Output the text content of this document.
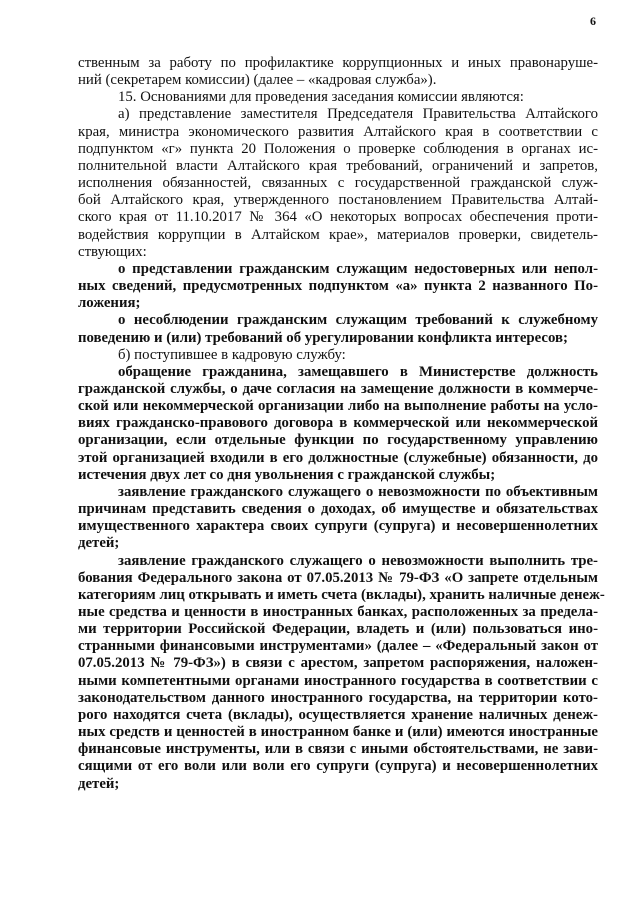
6
ственным за работу по профилактике коррупционных и иных правонаруше-
ний (секретарем комиссии) (далее – «кадровая служба»).
15. Основаниями для проведения заседания комиссии являются:
а) представление заместителя Председателя Правительства Алтайского
края, министра экономического развития Алтайского края в соответствии с
подпунктом «г» пункта 20 Положения о проверке соблюдения в органах ис-
полнительной власти Алтайского края требований, ограничений и запретов,
исполнения обязанностей, связанных с государственной гражданской служ-
бой Алтайского края, утвержденного постановлением Правительства Алтай-
ского края от 11.10.2017 № 364 «О некоторых вопросах обеспечения проти-
водействия коррупции в Алтайском крае», материалов проверки, свидетель-
ствующих:
о представлении гражданским служащим недостоверных или непол-
ных сведений, предусмотренных подпунктом «а» пункта 2 названного По-
ложения;
о несоблюдении гражданским служащим требований к служебному
поведению и (или) требований об урегулировании конфликта интересов;
б) поступившее в кадровую службу:
обращение гражданина, замещавшего в Министерстве должность
гражданской службы, о даче согласия на замещение должности в коммерче-
ской или некоммерческой организации либо на выполнение работы на усло-
виях гражданско-правового договора в коммерческой или некоммерческой
организации, если отдельные функции по государственному управлению
этой организацией входили в его должностные (служебные) обязанности, до
истечения двух лет со дня увольнения с гражданской службы;
заявление гражданского служащего о невозможности по объективным
причинам представить сведения о доходах, об имуществе и обязательствах
имущественного характера своих супруги (супруга) и несовершеннолетних
детей;
заявление гражданского служащего о невозможности выполнить тре-
бования Федерального закона от 07.05.2013 № 79-ФЗ «О запрете отдельным
категориям лиц открывать и иметь счета (вклады), хранить наличные денеж-
ные средства и ценности в иностранных банках, расположенных за предела-
ми территории Российской Федерации, владеть и (или) пользоваться ино-
странными финансовыми инструментами» (далее – «Федеральный закон от
07.05.2013 № 79-ФЗ») в связи с арестом, запретом распоряжения, наложен-
ными компетентными органами иностранного государства в соответствии с
законодательством данного иностранного государства, на территории кото-
рого находятся счета (вклады), осуществляется хранение наличных денеж-
ных средств и ценностей в иностранном банке и (или) имеются иностранные
финансовые инструменты, или в связи с иными обстоятельствами, не зави-
сящими от его воли или воли его супруги (супруга) и несовершеннолетних
детей;
